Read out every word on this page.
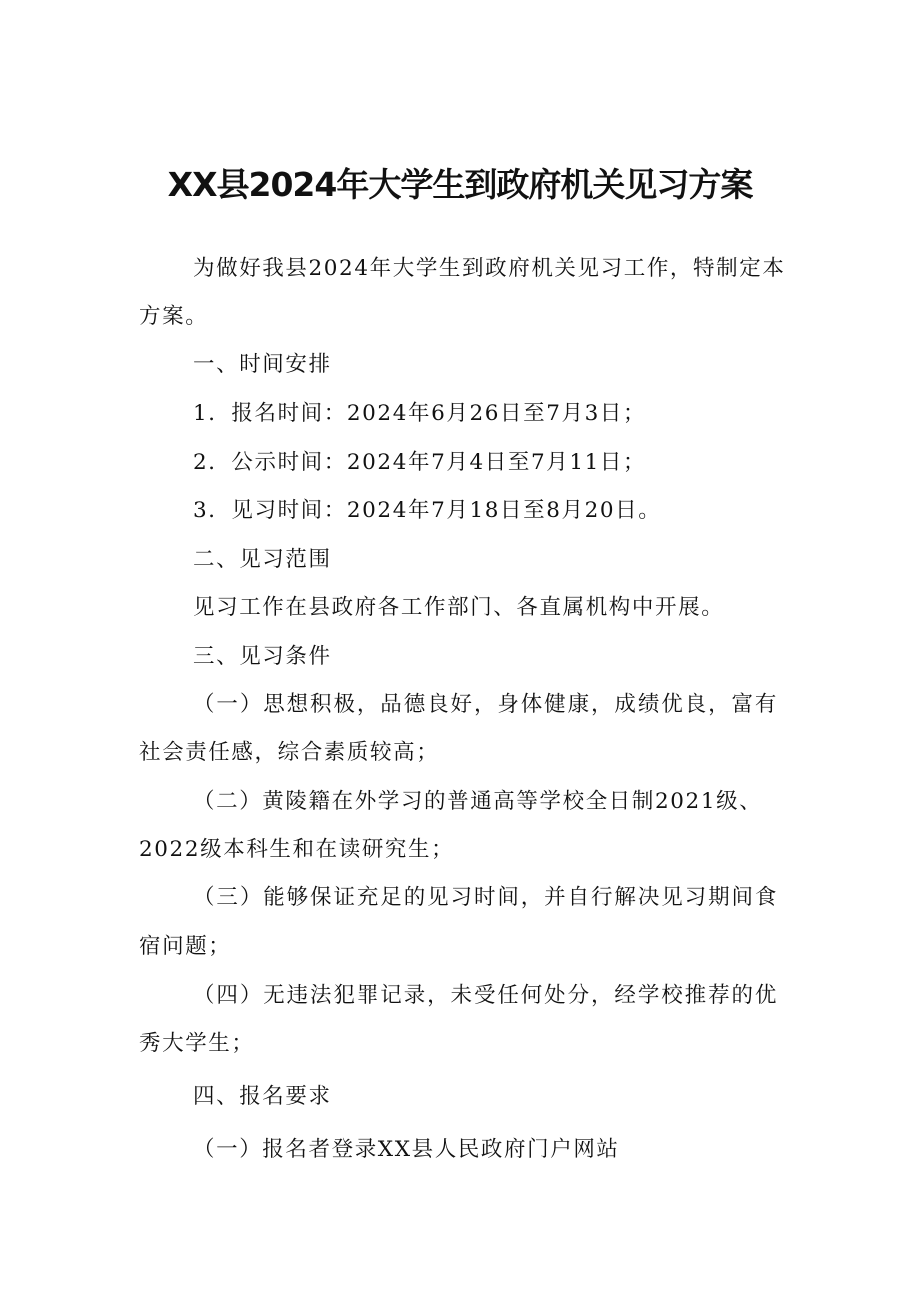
XX县2024年大学生到政府机关见习方案

为做好我县2024年大学生到政府机关见习工作，特制定本

方案。

一、时间安排

1．报名时间：2024年6月26日至7月3日；

2．公示时间：2024年7月4日至7月11日；

3．见习时间：2024年7月18日至8月20日。

二、见习范围

见习工作在县政府各工作部门、各直属机构中开展。

三、见习条件

（一）思想积极，品德良好，身体健康，成绩优良，富有

社会责任感，综合素质较高；

（二）黄陵籍在外学习的普通高等学校全日制2021级、

2022级本科生和在读研究生；

（三）能够保证充足的见习时间，并自行解决见习期间食

宿问题；

（四）无违法犯罪记录，未受任何处分，经学校推荐的优

秀大学生；

四、报名要求

（一）报名者登录XX县人民政府门户网站
